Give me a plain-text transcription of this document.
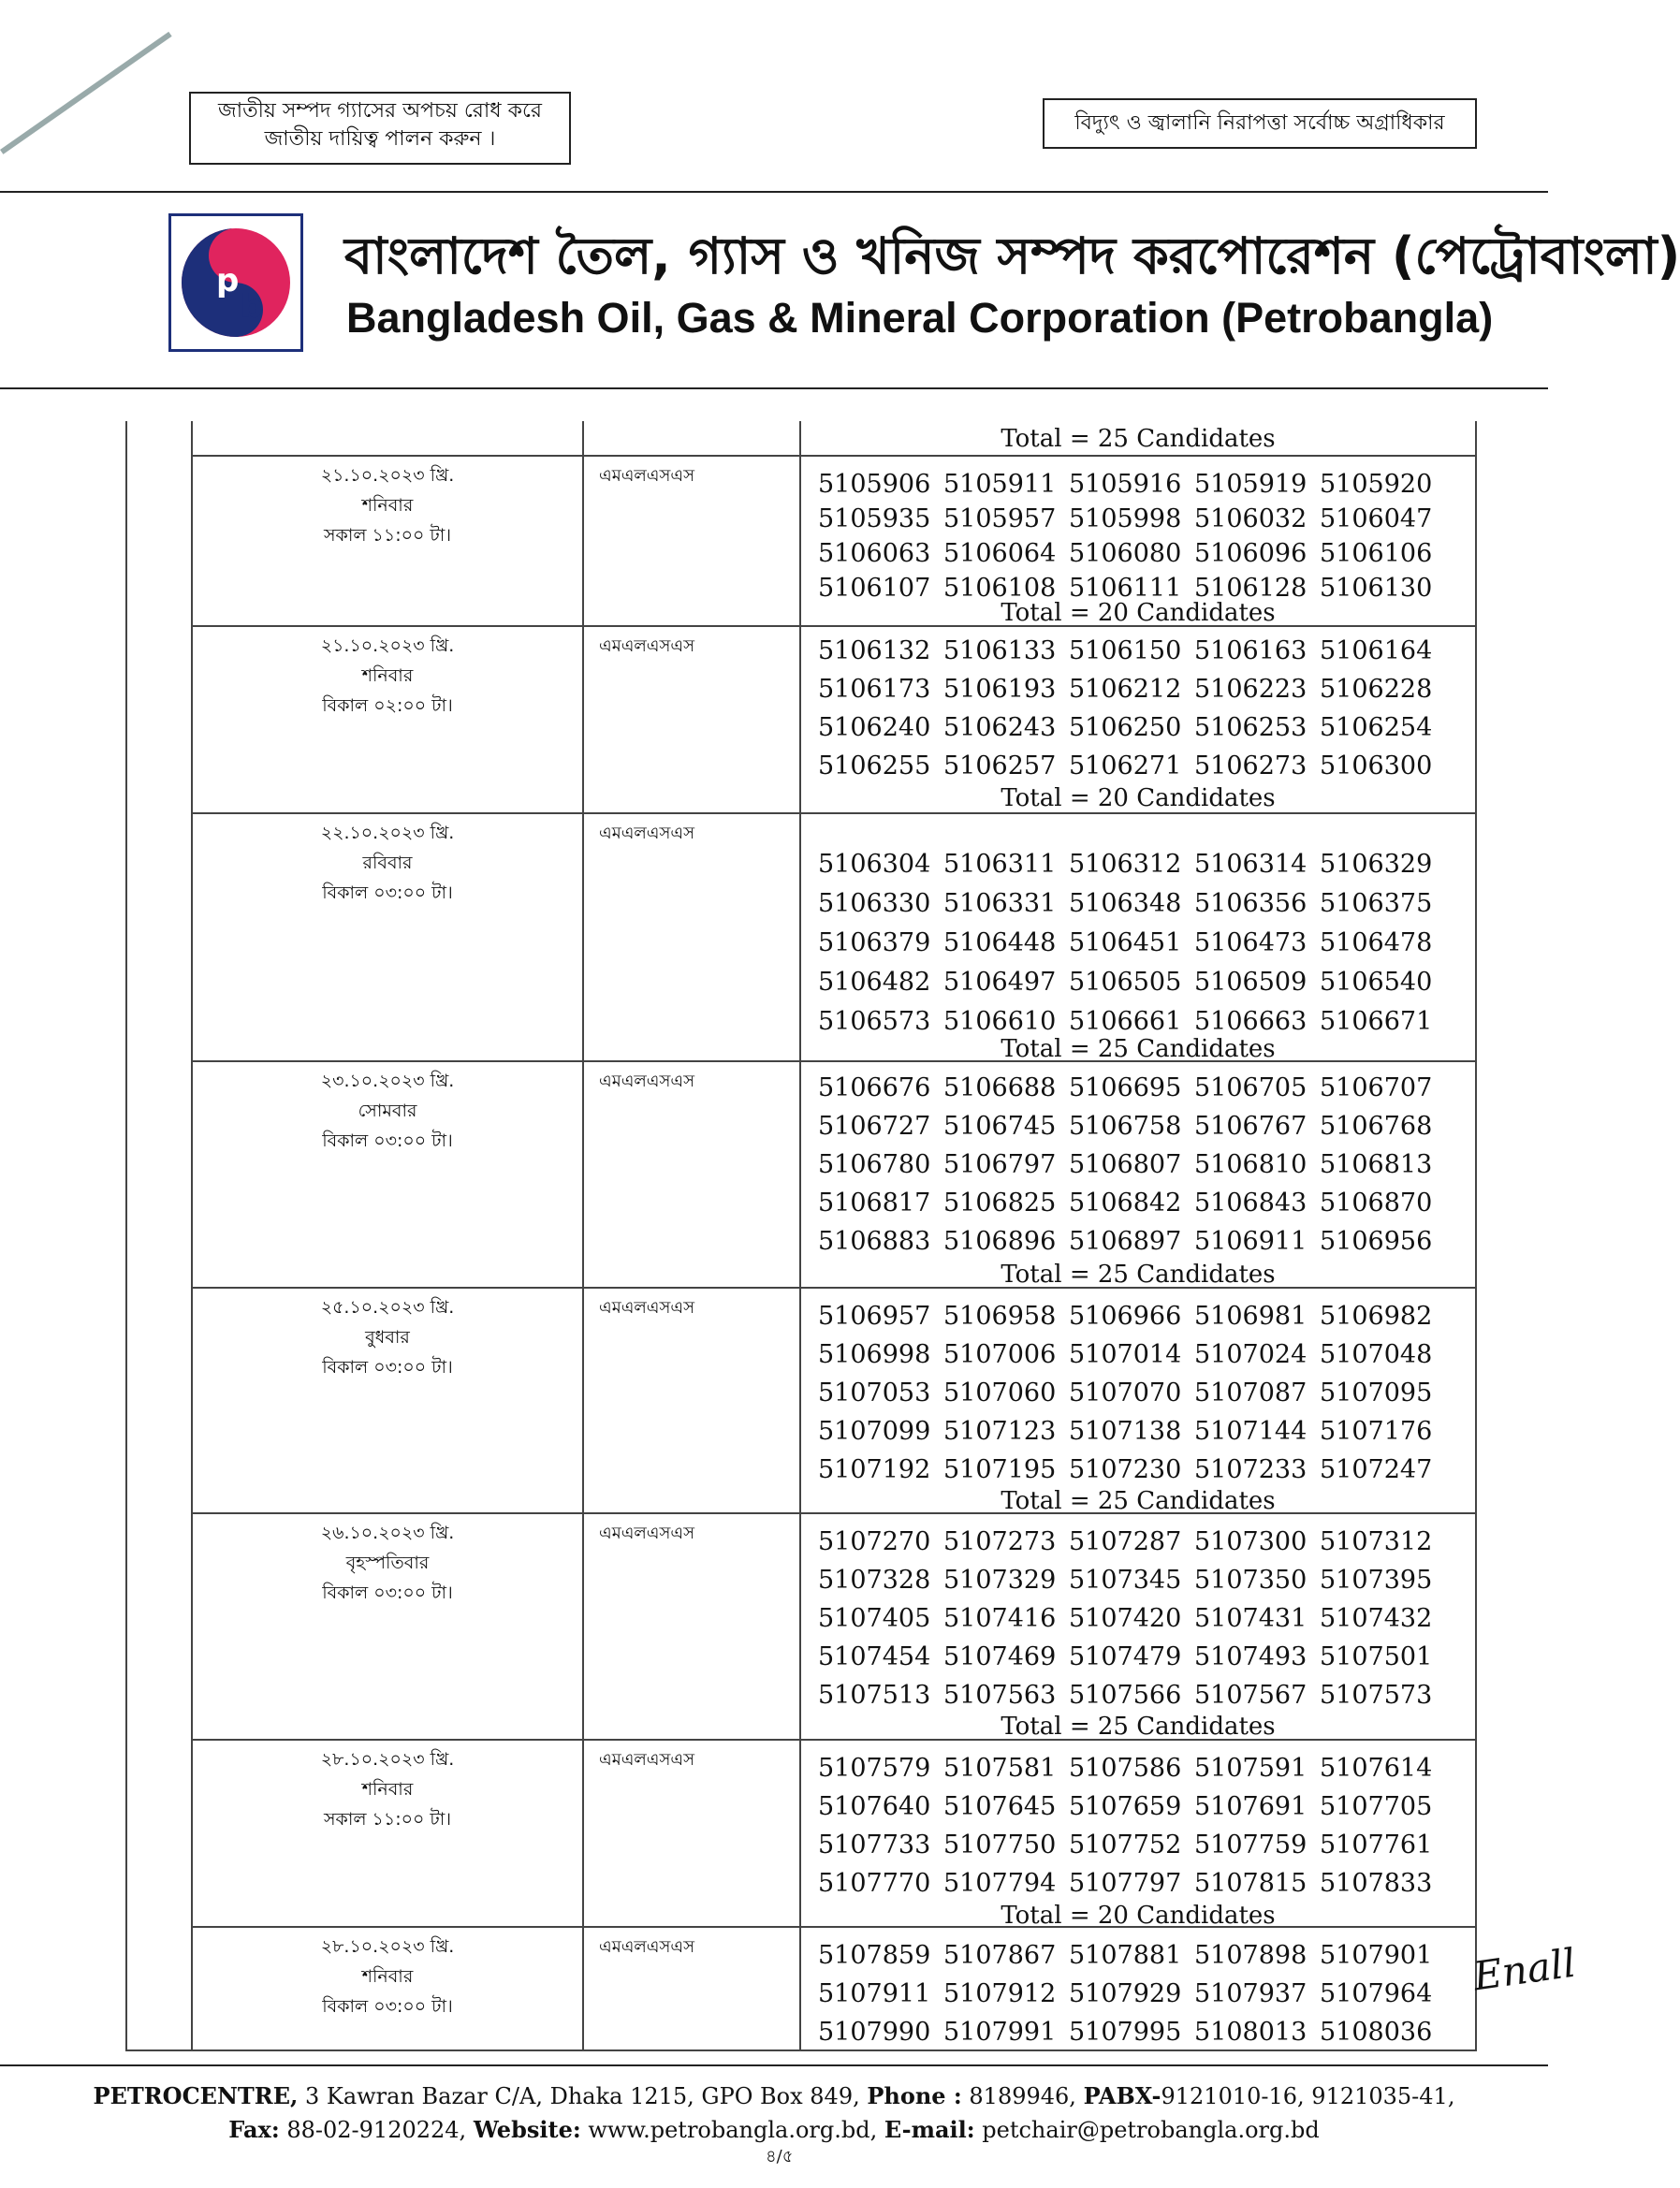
জাতীয় সম্পদ গ্যাসের অপচয় রোধ করে
জাতীয় দায়িত্ব পালন করুন ।
বিদ্যুৎ ও জ্বালানি নিরাপত্তা সর্বোচ্চ অগ্রাধিকার
p
b
বাংলাদেশ তৈল, গ্যাস ও খনিজ সম্পদ করপোরেশন (পেট্রোবাংলা)
Bangladesh Oil, Gas & Mineral Corporation (Petrobangla)
Total = 25 Candidates
২১.১০.২০২৩ খ্রি.
শনিবার
সকাল ১১:০০ টা।
এমএলএসএস	5105906 5105911 5105916 5105919 5105920
5105935 5105957 5105998 5106032 5106047
5106063 5106064 5106080 5106096 5106106
5106107 5106108 5106111 5106128 5106130
Total = 20 Candidates
২১.১০.২০২৩ খ্রি.
শনিবার
বিকাল ০২:০০ টা।
এমএলএসএস	5106132 5106133 5106150 5106163 5106164
5106173 5106193 5106212 5106223 5106228
5106240 5106243 5106250 5106253 5106254
5106255 5106257 5106271 5106273 5106300
Total = 20 Candidates
২২.১০.২০২৩ খ্রি.
রবিবার
বিকাল ০৩:০০ টা।
এমএলএসএস
5106304 5106311 5106312 5106314 5106329
5106330 5106331 5106348 5106356 5106375
5106379 5106448 5106451 5106473 5106478
5106482 5106497 5106505 5106509 5106540
5106573 5106610 5106661 5106663 5106671
Total = 25 Candidates
২৩.১০.২০২৩ খ্রি.
সোমবার
বিকাল ০৩:০০ টা।
এমএলএসএস	5106676 5106688 5106695 5106705 5106707
5106727 5106745 5106758 5106767 5106768
5106780 5106797 5106807 5106810 5106813
5106817 5106825 5106842 5106843 5106870
5106883 5106896 5106897 5106911 5106956
Total = 25 Candidates
২৫.১০.২০২৩ খ্রি.
বুধবার
বিকাল ০৩:০০ টা।
এমএলএসএস	5106957 5106958 5106966 5106981 5106982
5106998 5107006 5107014 5107024 5107048
5107053 5107060 5107070 5107087 5107095
5107099 5107123 5107138 5107144 5107176
5107192 5107195 5107230 5107233 5107247
Total = 25 Candidates
২৬.১০.২০২৩ খ্রি.
বৃহস্পতিবার
বিকাল ০৩:০০ টা।
এমএলএসএস	5107270 5107273 5107287 5107300 5107312
5107328 5107329 5107345 5107350 5107395
5107405 5107416 5107420 5107431 5107432
5107454 5107469 5107479 5107493 5107501
5107513 5107563 5107566 5107567 5107573
Total = 25 Candidates
২৮.১০.২০২৩ খ্রি.
শনিবার
সকাল ১১:০০ টা।
এমএলএসএস	5107579 5107581 5107586 5107591 5107614
5107640 5107645 5107659 5107691 5107705
5107733 5107750 5107752 5107759 5107761
5107770 5107794 5107797 5107815 5107833
Total = 20 Candidates
২৮.১০.২০২৩ খ্রি.
শনিবার
বিকাল ০৩:০০ টা।
এমএলএসএস	5107859 5107867 5107881 5107898 5107901
5107911 5107912 5107929 5107937 5107964
5107990 5107991 5107995 5108013 5108036
Enall
PETROCENTRE, 3 Kawran Bazar C/A, Dhaka 1215, GPO Box 849, Phone : 8189946, PABX-9121010-16, 9121035-41,
Fax: 88-02-9120224, Website: www.petrobangla.org.bd, E-mail: petchair@petrobangla.org.bd
৪/৫
